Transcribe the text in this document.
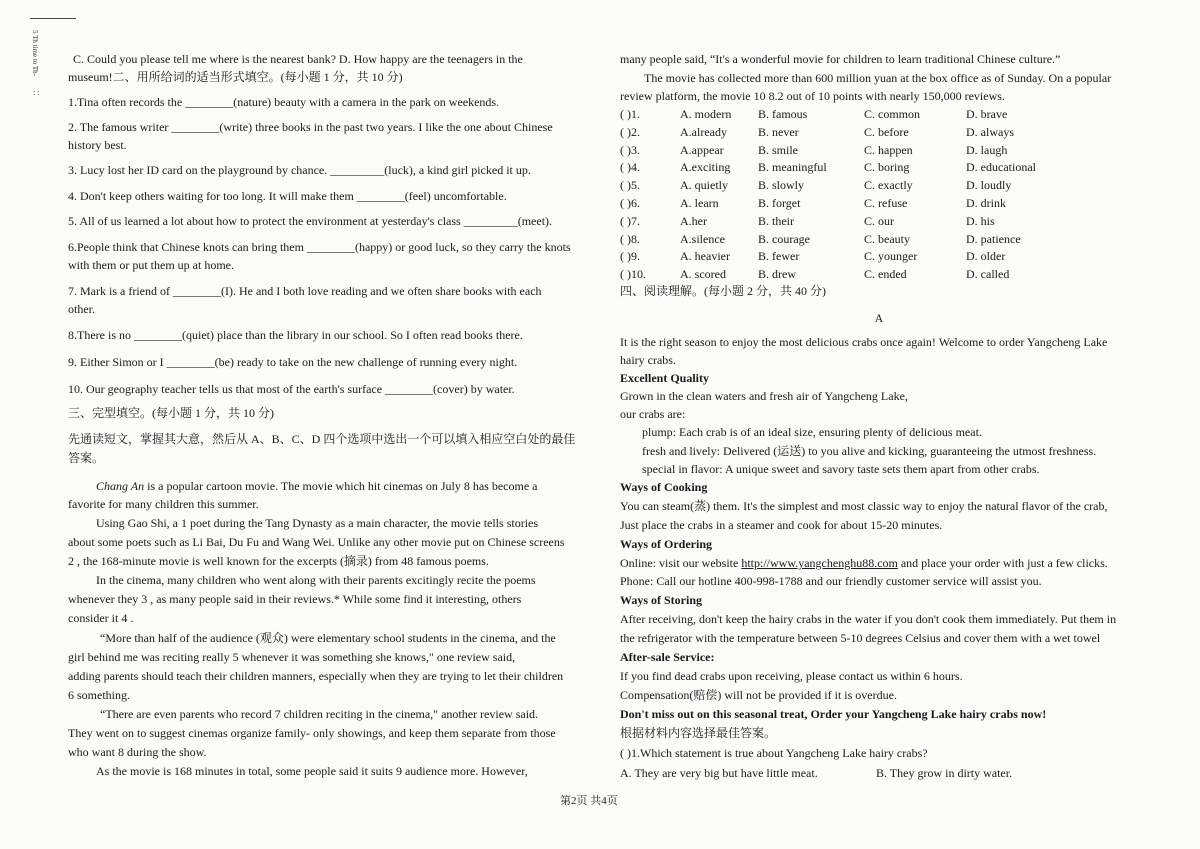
5 Th time to Th-
: :
C. Could you please tell me where is the nearest bank? D. How happy are the teenagers in the
museum!二、用所给词的适当形式填空。(每小题 1 分，共 10 分)
1.Tina often records the ________(nature) beauty with a camera in the park on weekends.
2. The famous writer ________(write) three books in the past two years. I like the one about Chinese
history best.
3. Lucy lost her ID card on the playground by chance. _________(luck), a kind girl picked it up.
4. Don't keep others waiting for too long. It will make them ________(feel) uncomfortable.
5. All of us learned a lot about how to protect the environment at yesterday's class _________(meet).
6.People think that Chinese knots can bring them ________(happy) or good luck, so they carry the knots
with them or put them up at home.
7. Mark is a friend of ________(I). He and I both love reading and we often share books with each
other.
8.There is no ________(quiet) place than the library in our school. So I often read books there.
9. Either Simon or I ________(be) ready to take on the new challenge of running every night.
10. Our geography teacher tells us that most of the earth's surface ________(cover) by water.
三、完型填空。(每小题 1 分，共 10 分)
先通读短文，掌握其大意，然后从 A、B、C、D 四个选项中选出一个可以填入相应空白处的最佳
答案。
Chang An is a popular cartoon movie. The movie which hit cinemas on July 8 has become a
favorite for many children this summer.
Using Gao Shi, a 1 poet during the Tang Dynasty as a main character, the movie tells stories
about some poets such as Li Bai, Du Fu and Wang Wei. Unlike any other movie put on Chinese screens
2 , the 168-minute movie is well known for the excerpts (摘录) from 48 famous poems.
In the cinema, many children who went along with their parents excitingly recite the poems
whenever they 3 , as many people said in their reviews.* While some find it interesting, others
consider it 4 .
“More than half of the audience (观众) were elementary school students in the cinema, and the
girl behind me was reciting really 5 whenever it was something she knows," one review said,
adding parents should teach their children manners, especially when they are trying to let their children
6 something.
“There are even parents who record 7 children reciting in the cinema," another review said.
They went on to suggest cinemas organize family- only showings, and keep them separate from those
who want 8 during the show.
As the movie is 168 minutes in total, some people said it suits 9 audience more. However,
many people said, “It's a wonderful movie for children to learn traditional Chinese culture.”
The movie has collected more than 600 million yuan at the box office as of Sunday. On a popular
review platform, the movie 10 8.2 out of 10 points with nearly 150,000 reviews.
( )1.	A. modern B. famous	C. common	D. brave
( )2.	A.already	B. never	C. before	D. always
( )3.	A.appear	B. smile	C. happen	D. laugh
( )4.	A.exciting B. meaningful	C. boring	D. educational
( )5.	A. quietly	B. slowly	C. exactly	D. loudly
( )6.	A. learn	B. forget	C. refuse	D. drink
( )7.	A.her	B. their	C. our	D. his
( )8.	A.silence	B. courage	C. beauty	D. patience
( )9.	A. heavier B. fewer	C. younger	D. older
( )10.	A. scored	B. drew	C. ended	D. called
四、阅读理解。(每小题 2 分，共 40 分)
A
It is the right season to enjoy the most delicious crabs once again! Welcome to order Yangcheng Lake
hairy crabs.
Excellent Quality
Grown in the clean waters and fresh air of Yangcheng Lake,
our crabs are:
plump: Each crab is of an ideal size, ensuring plenty of delicious meat.
fresh and lively: Delivered (运送) to you alive and kicking, guaranteeing the utmost freshness.
special in flavor: A unique sweet and savory taste sets them apart from other crabs.
Ways of Cooking
You can steam(蒸) them. It's the simplest and most classic way to enjoy the natural flavor of the crab,
Just place the crabs in a steamer and cook for about 15-20 minutes.
Ways of Ordering
Online: visit our website http://www.yangchenghu88.com and place your order with just a few clicks.
Phone: Call our hotline 400-998-1788 and our friendly customer service will assist you.
Ways of Storing
After receiving, don't keep the hairy crabs in the water if you don't cook them immediately. Put them in
the refrigerator with the temperature between 5-10 degrees Celsius and cover them with a wet towel
After-sale Service:
If you find dead crabs upon receiving, please contact us within 6 hours.
Compensation(赔偿) will not be provided if it is overdue.
Don't miss out on this seasonal treat, Order your Yangcheng Lake hairy crabs now!
根据材料内容选择最佳答案。
( )1.Which statement is true about Yangcheng Lake hairy crabs?
A. They are very big but have little meat.	B. They grow in dirty water.
第2页 共4页
